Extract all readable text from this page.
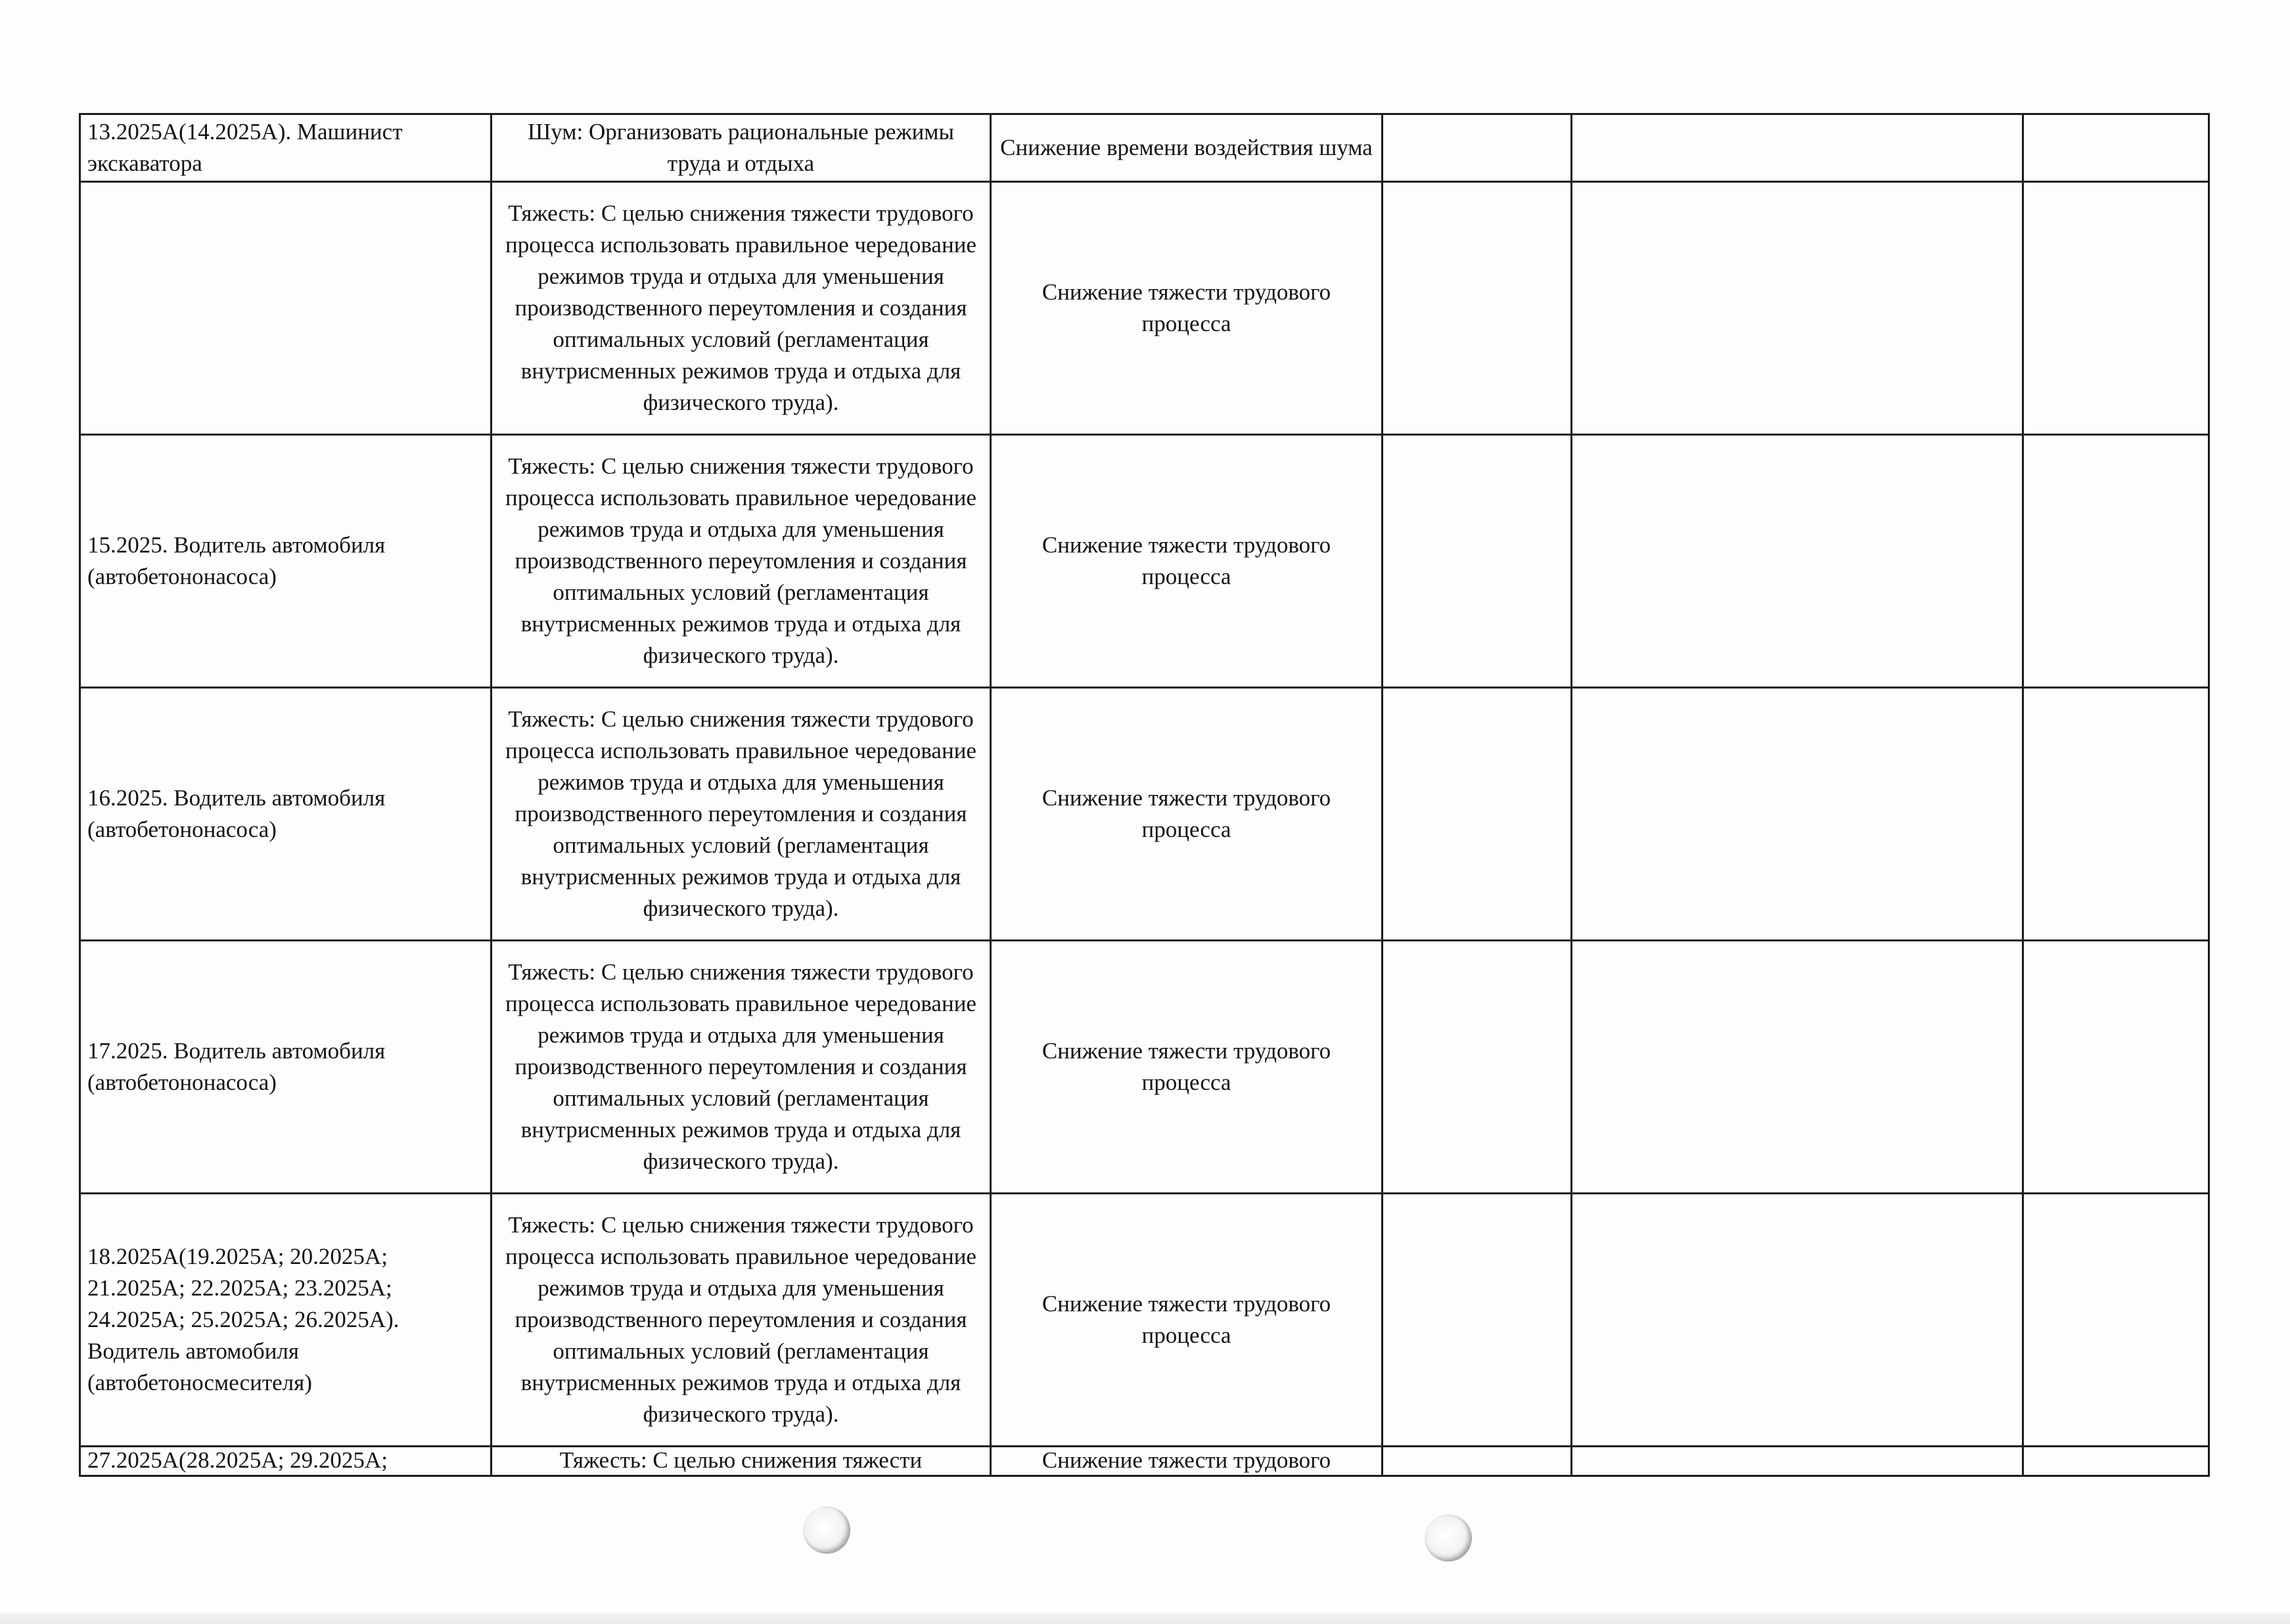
13.2025А(14.2025А). Машинист экскаватора	Шум: Организовать рациональные режимы труда и отдыха	Снижение времени воздействия шума			
	Тяжесть: С целью снижения тяжести трудового процесса использовать правильное чередование режимов труда и отдыха для уменьшения производственного переутомления и создания оптимальных условий (регламентация внутрисменных режимов труда и отдыха для физического труда).	Снижение тяжести трудового процесса			
15.2025. Водитель автомобиля (автобетононасоса)	Тяжесть: С целью снижения тяжести трудового процесса использовать правильное чередование режимов труда и отдыха для уменьшения производственного переутомления и создания оптимальных условий (регламентация внутрисменных режимов труда и отдыха для физического труда).	Снижение тяжести трудового процесса			
16.2025. Водитель автомобиля (автобетононасоса)	Тяжесть: С целью снижения тяжести трудового процесса использовать правильное чередование режимов труда и отдыха для уменьшения производственного переутомления и создания оптимальных условий (регламентация внутрисменных режимов труда и отдыха для физического труда).	Снижение тяжести трудового процесса			
17.2025. Водитель автомобиля (автобетононасоса)	Тяжесть: С целью снижения тяжести трудового процесса использовать правильное чередование режимов труда и отдыха для уменьшения производственного переутомления и создания оптимальных условий (регламентация внутрисменных режимов труда и отдыха для физического труда).	Снижение тяжести трудового процесса			
18.2025А(19.2025А; 20.2025А; 21.2025А; 22.2025А; 23.2025А; 24.2025А; 25.2025А; 26.2025А). Водитель автомобиля (автобетоносмесителя)	Тяжесть: С целью снижения тяжести трудового процесса использовать правильное чередование режимов труда и отдыха для уменьшения производственного переутомления и создания оптимальных условий (регламентация внутрисменных режимов труда и отдыха для физического труда).	Снижение тяжести трудового процесса			
27.2025А(28.2025А; 29.2025А;	Тяжесть: С целью снижения тяжести	Снижение тяжести трудового			
